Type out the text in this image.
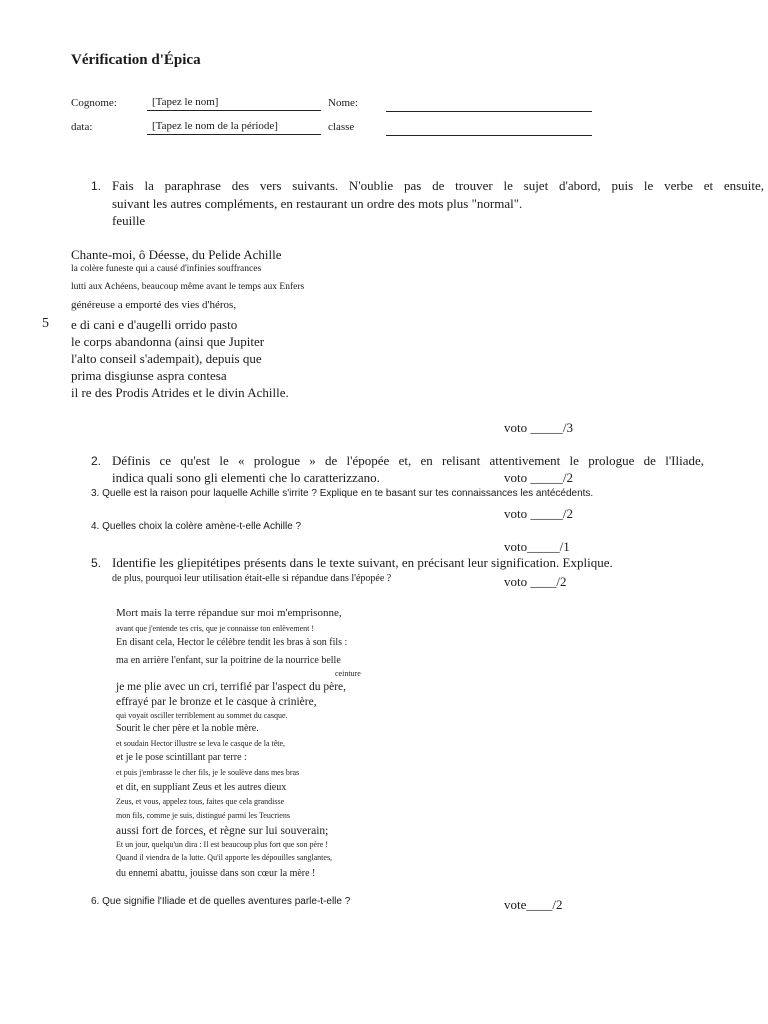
Vérification d'Épica
Cognome:	[Tapez le nom]	Nome:
data:	[Tapez le nom de la période]	classe
1. Fais la paraphrase des vers suivants. N'oublie pas de trouver le sujet d'abord, puis le verbe et ensuite,
suivant les autres compléments, en restaurant un ordre des mots plus "normal".
feuille
Chante-moi, ô Déesse, du Pelide Achille
la colère funeste qui a causé d'infinies souffrances
lutti aux Achéens, beaucoup même avant le temps aux Enfers
généreuse a emporté des vies d'héros,
5 e di cani e d'augelli orrido pasto
le corps abandonna (ainsi que Jupiter
l'alto conseil s'adempait), depuis que
prima disgiunse aspra contesa
il re des Prodis Atrides et le divin Achille.
voto _____/3
2. Définis ce qu'est le « prologue » de l'épopée et, en relisant attentivement le prologue de l'Iliade,
indica quali sono gli elementi che lo caratterizzano.	voto _____/2
3. Quelle est la raison pour laquelle Achille s'irrite ? Explique en te basant sur tes connaissances les antécédents.
voto _____/2
4. Quelles choix la colère amène-t-elle Achille ?
voto_____/1
5. Identifie les gliepitétipes présents dans le texte suivant, en précisant leur signification. Explique.
de plus, pourquoi leur utilisation était-elle si répandue dans l'épopée ?	voto ____/2
Mort mais la terre répandue sur moi m'emprisonne,
avant que j'entende tes cris, que je connaisse ton enlèvement !
En disant cela, Hector le célèbre tendit les bras à son fils :
ma en arrière l'enfant, sur la poitrine de la nourrice belle
ceinture
je me plie avec un cri, terrifié par l'aspect du père,
effrayé par le bronze et le casque à crinière,
qui voyait osciller terriblement au sommet du casque.
Sourit le cher père et la noble mère.
et soudain Hector illustre se leva le casque de la tête,
et je le pose scintillant par terre :
et puis j'embrasse le cher fils, je le soulève dans mes bras
et dit, en suppliant Zeus et les autres dieux
Zeus, et vous, appelez tous, faites que cela grandisse
mon fils, comme je suis, distingué parmi les Teucriens
aussi fort de forces, et règne sur lui souverain;
Et un jour, quelqu'un dira : Il est beaucoup plus fort que son père !
Quand il viendra de la lutte. Qu'il apporte les dépouilles sanglantes,
du ennemi abattu, jouisse dans son cœur la mère !
6. Que signifie l'Iliade et de quelles aventures parle-t-elle ?	vote____/2
